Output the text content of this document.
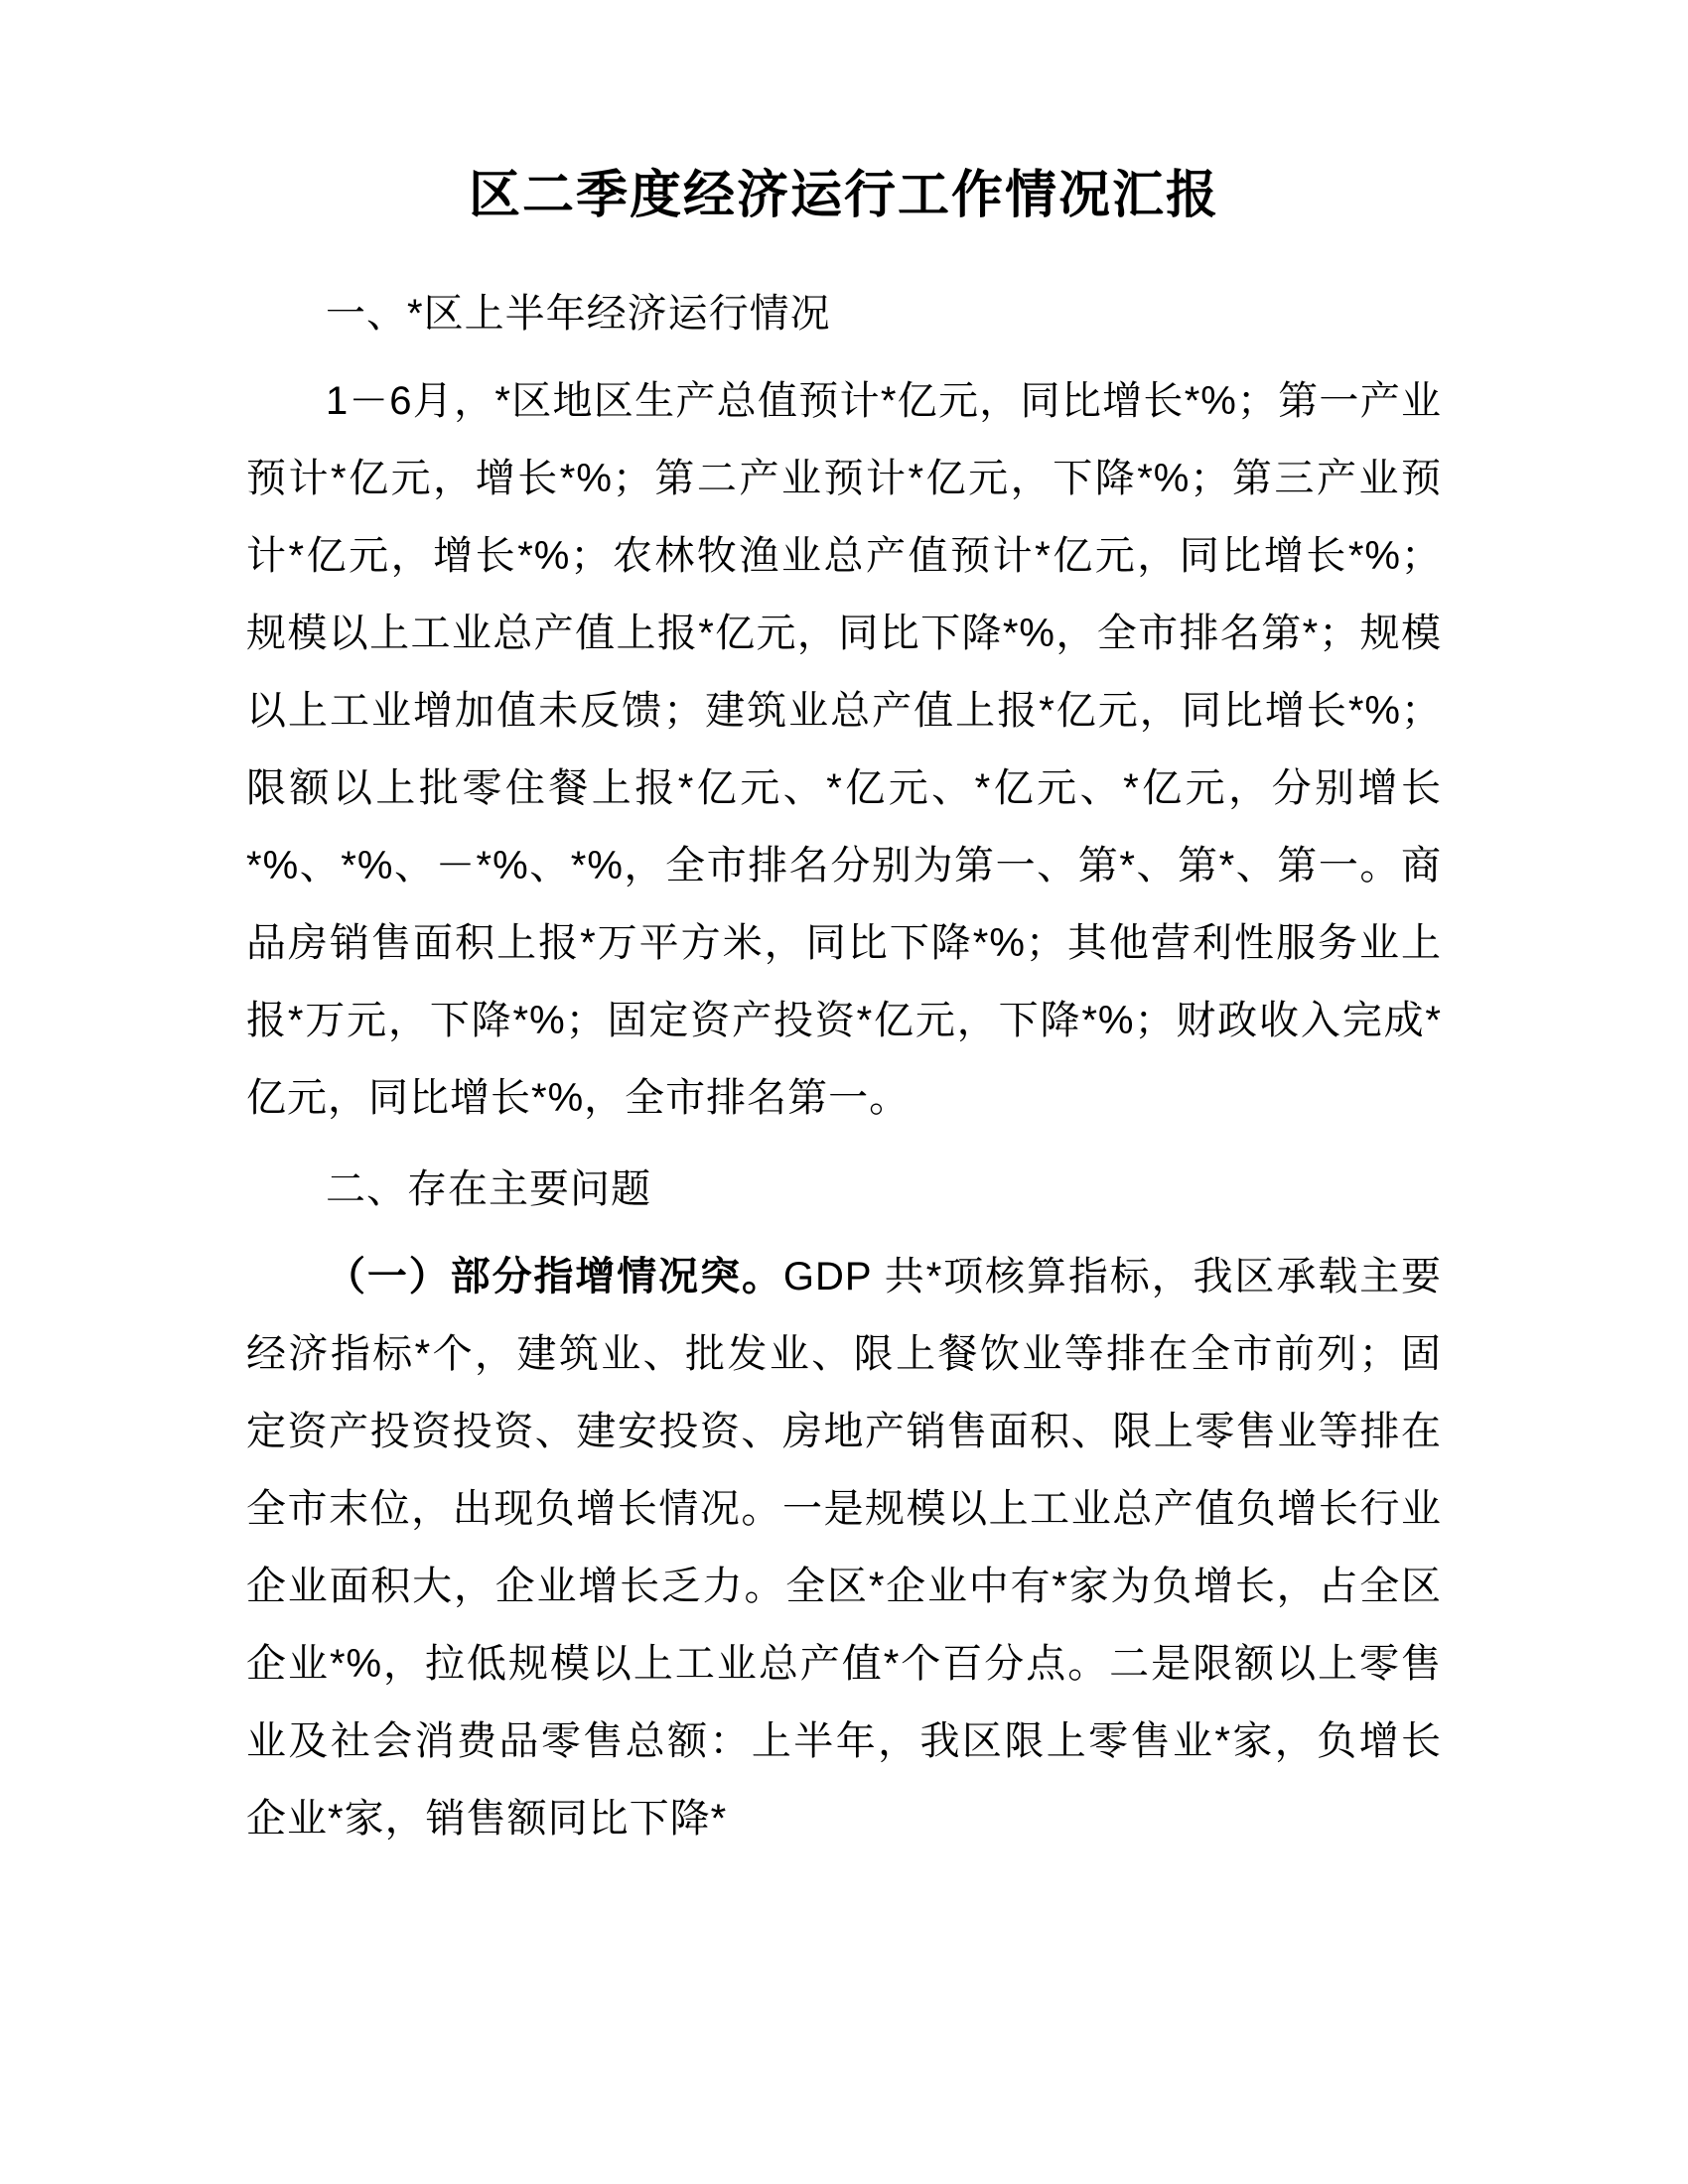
区二季度经济运行工作情况汇报

一、*区上半年经济运行情况

1－6月，*区地区生产总值预计*亿元，同比增长*%；第一产业预计*亿元，增长*%；第二产业预计*亿元，下降*%；第三产业预计*亿元，增长*%；农林牧渔业总产值预计*亿元，同比增长*%；规模以上工业总产值上报*亿元，同比下降*%，全市排名第*；规模以上工业增加值未反馈；建筑业总产值上报*亿元，同比增长*%；限额以上批零住餐上报*亿元、*亿元、*亿元、*亿元，分别增长*%、*%、－*%、*%，全市排名分别为第一、第*、第*、第一。商品房销售面积上报*万平方米，同比下降*%；其他营利性服务业上报*万元，下降*%；固定资产投资*亿元，下降*%；财政收入完成*亿元，同比增长*%，全市排名第一。

二、存在主要问题

（一）部分指增情况突。GDP 共*项核算指标，我区承载主要经济指标*个，建筑业、批发业、限上餐饮业等排在全市前列；固定资产投资投资、建安投资、房地产销售面积、限上零售业等排在全市末位，出现负增长情况。一是规模以上工业总产值负增长行业企业面积大，企业增长乏力。全区*企业中有*家为负增长，占全区企业*%，拉低规模以上工业总产值*个百分点。二是限额以上零售业及社会消费品零售总额：上半年，我区限上零售业*家，负增长企业*家，销售额同比下降*
